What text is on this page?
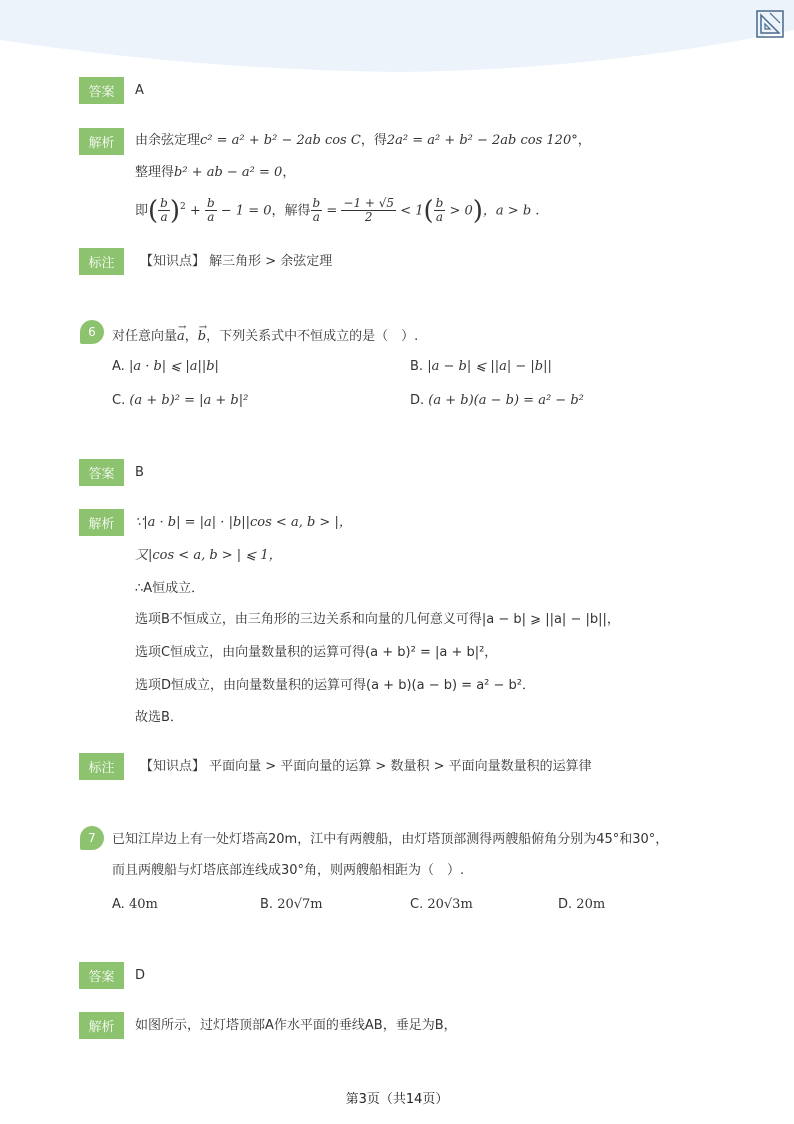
答案	A
解析	由余弦定理c² = a² + b² − 2ab cos C，得2a² = a² + b² − 2ab cos 120°，
整理得b² + ab − a² = 0，
即( $\frac{b}{a} )^2 + \frac{b}{a} - 1 = 0$，解得 $\frac{b}{a} = \frac{-1 + √5}{2} < 1( \frac{b}{a} > 0)$，a > b .
标注	【知识点】 解三角形 > 余弦定理
6	对任意向量→ a，→ b，下列关系式中不恒成立的是（　）.
A. |a · b| ⩽ |a||b|	B. |a − b| ⩽ ||a| − |b||
C. (a + b)² = |a + b|²	D. (a + b)(a − b) = a² − b²
答案	B
解析	∵|a · b| = |a| · |b||cos < a, b > |，
又|cos < a, b > | ⩽ 1，
∴A恒成立．
选项B不恒成立，由三角形的三边关系和向量的几何意义可得|a − b| ⩾ ||a| − |b||，
选项C恒成立，由向量数量积的运算可得(a + b)² = |a + b|²，
选项D恒成立，由向量数量积的运算可得(a + b)(a − b) = a² − b²．
故选B．
标注	【知识点】 平面向量 > 平面向量的运算 > 数量积 > 平面向量数量积的运算律
7	已知江岸边上有一处灯塔高20m，江中有两艘船，由灯塔顶部测得两艘船俯角分别为45°和30°，
而且两艘船与灯塔底部连线成30°角，则两艘船相距为（　）.
A. 40m	B. 20√7m	C. 20√3m	D. 20m
答案	D
解析	如图所示，过灯塔顶部A作水平面的垂线AB，垂足为B，
第3页（共14页）
